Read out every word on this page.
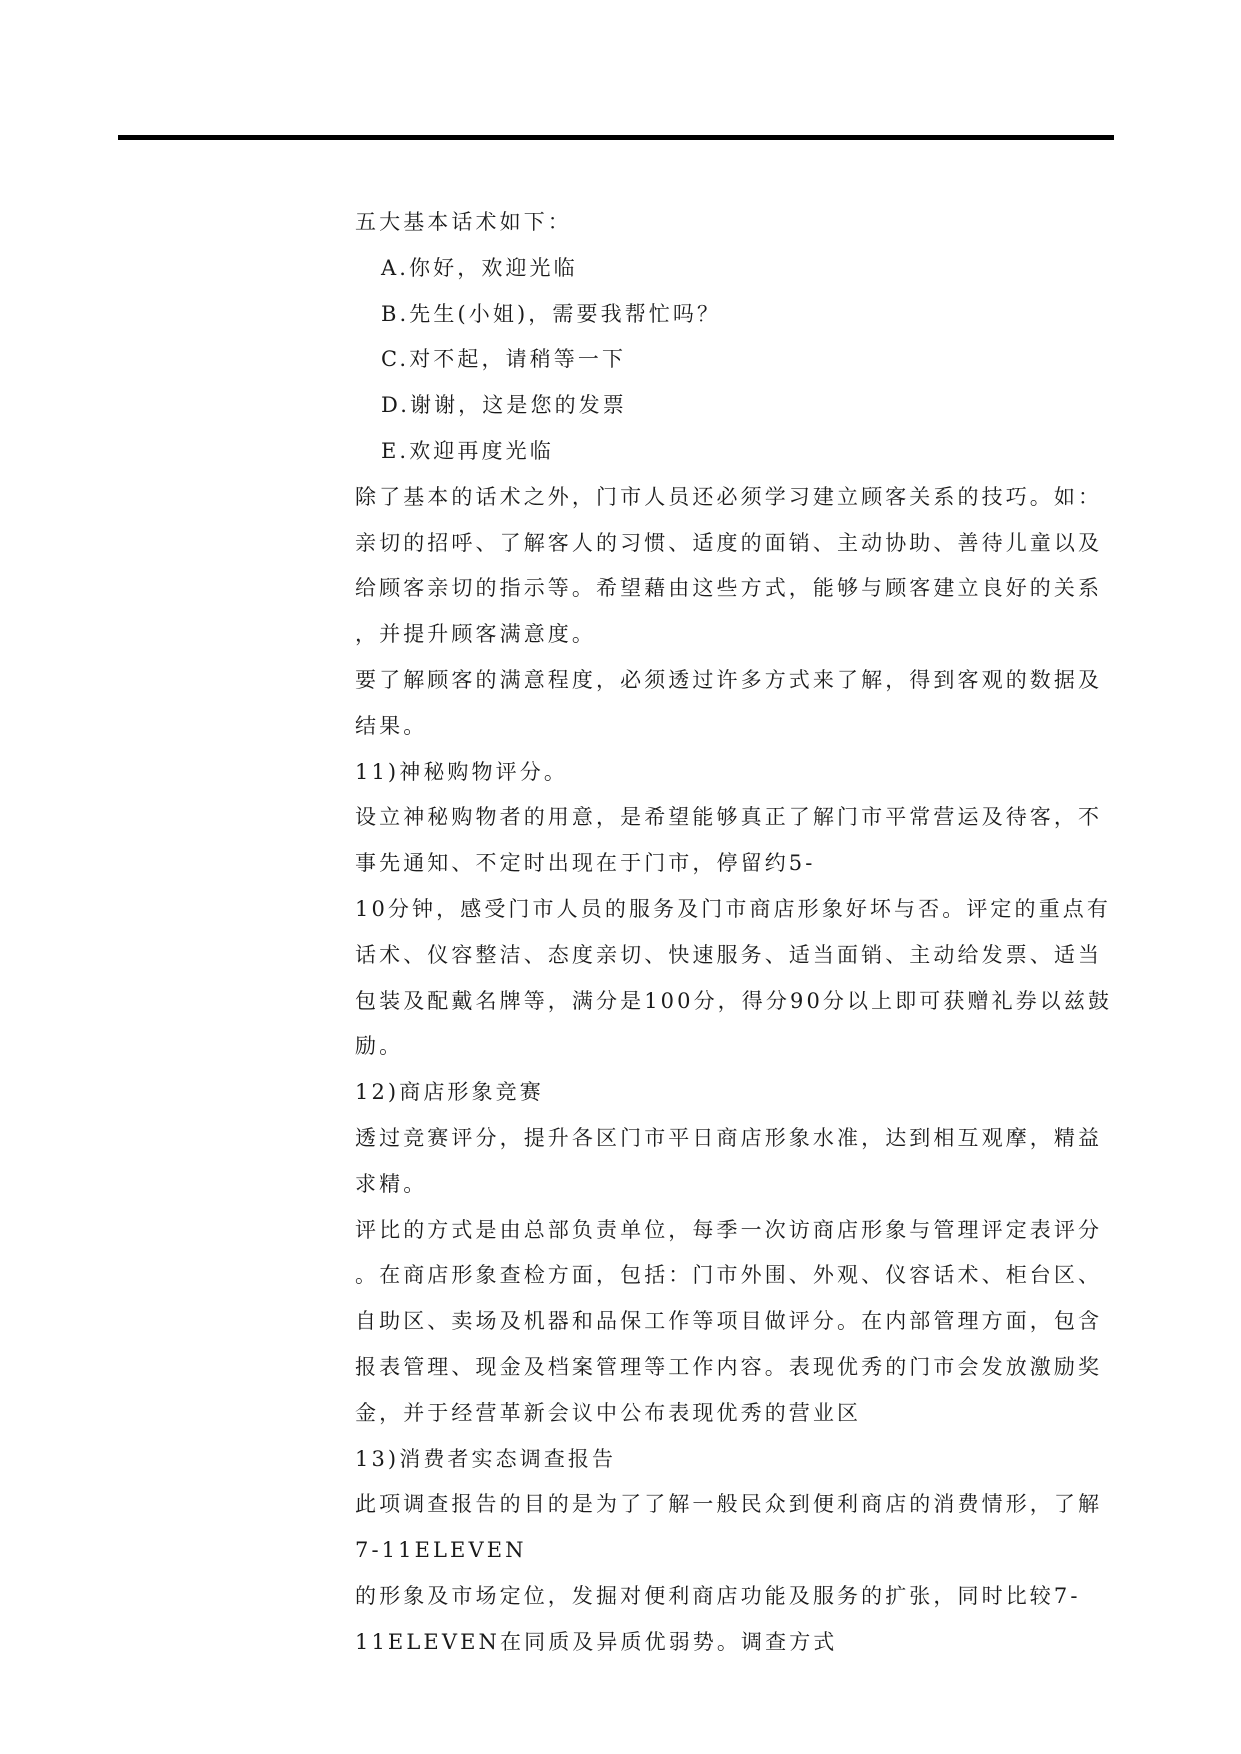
五大基本话术如下：
A.你好，欢迎光临
B.先生(小姐)，需要我帮忙吗？
C.对不起，请稍等一下
D.谢谢，这是您的发票
E.欢迎再度光临
除了基本的话术之外，门市人员还必须学习建立顾客关系的技巧。如：
亲切的招呼、了解客人的习惯、适度的面销、主动协助、善待儿童以及
给顾客亲切的指示等。希望藉由这些方式，能够与顾客建立良好的关系
，并提升顾客满意度。
要了解顾客的满意程度，必须透过许多方式来了解，得到客观的数据及
结果。
11)神秘购物评分。
设立神秘购物者的用意，是希望能够真正了解门市平常营运及待客，不
事先通知、不定时出现在于门市，停留约5-
10分钟，感受门市人员的服务及门市商店形象好坏与否。评定的重点有
话术、仪容整洁、态度亲切、快速服务、适当面销、主动给发票、适当
包装及配戴名牌等，满分是100分，得分90分以上即可获赠礼券以兹鼓
励。
12)商店形象竞赛
透过竞赛评分，提升各区门市平日商店形象水准，达到相互观摩，精益
求精。
评比的方式是由总部负责单位，每季一次访商店形象与管理评定表评分
。在商店形象查检方面，包括：门市外围、外观、仪容话术、柜台区、
自助区、卖场及机器和品保工作等项目做评分。在内部管理方面，包含
报表管理、现金及档案管理等工作内容。表现优秀的门市会发放激励奖
金，并于经营革新会议中公布表现优秀的营业区
13)消费者实态调查报告
此项调查报告的目的是为了了解一般民众到便利商店的消费情形，了解
7-11ELEVEN
的形象及市场定位，发掘对便利商店功能及服务的扩张，同时比较7-
11ELEVEN在同质及异质优弱势。调查方式
